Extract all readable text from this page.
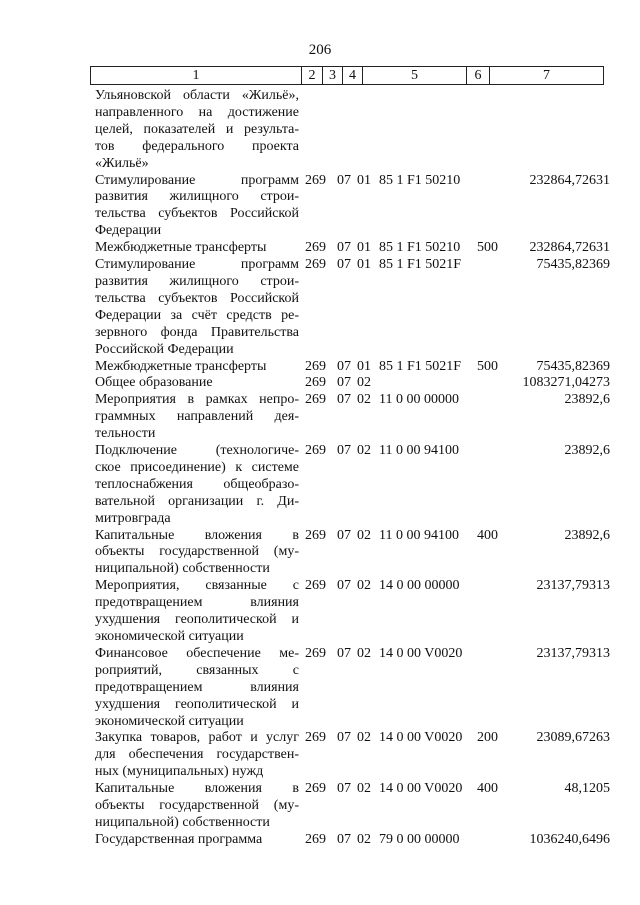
206
1	2	3	4	5	6	7
Ульяновской области «Жильё»,
направленного на достижение
целей, показателей и результа-
тов федерального проекта
«Жильё»
Стимулирование программ
развития жилищного строи-
тельства субъектов Российской
Федерации
269 07 01 85 1 F1 50210	232864,72631
Межбюджетные трансферты	269 07 01 85 1 F1 50210	500	232864,72631
Стимулирование программ
развития жилищного строи-
тельства субъектов Российской
Федерации за счёт средств ре-
зервного фонда Правительства
Российской Федерации
269 07 01 85 1 F1 5021F	75435,82369
Межбюджетные трансферты	269 07 01 85 1 F1 5021F	500	75435,82369
Общее образование	269 07 02	1083271,04273
Мероприятия в рамках непро-
граммных направлений дея-
тельности
269 07 02 11 0 00 00000	23892,6
Подключение (технологиче-
ское присоединение) к системе
теплоснабжения общеобразо-
вательной организации г. Ди-
митровграда
269 07 02 11 0 00 94100	23892,6
Капитальные вложения в
объекты государственной (му-
ниципальной) собственности
269 07 02 11 0 00 94100	400	23892,6
Мероприятия, связанные с
предотвращением влияния
ухудшения геополитической и
экономической ситуации
269 07 02 14 0 00 00000	23137,79313
Финансовое обеспечение ме-
роприятий, связанных с
предотвращением влияния
ухудшения геополитической и
экономической ситуации
269 07 02 14 0 00 V0020	23137,79313
Закупка товаров, работ и услуг
для обеспечения государствен-
ных (муниципальных) нужд
269 07 02 14 0 00 V0020	200	23089,67263
Капитальные вложения в
объекты государственной (му-
ниципальной) собственности
269 07 02 14 0 00 V0020	400	48,1205
Государственная программа	269 07 02 79 0 00 00000	1036240,6496
